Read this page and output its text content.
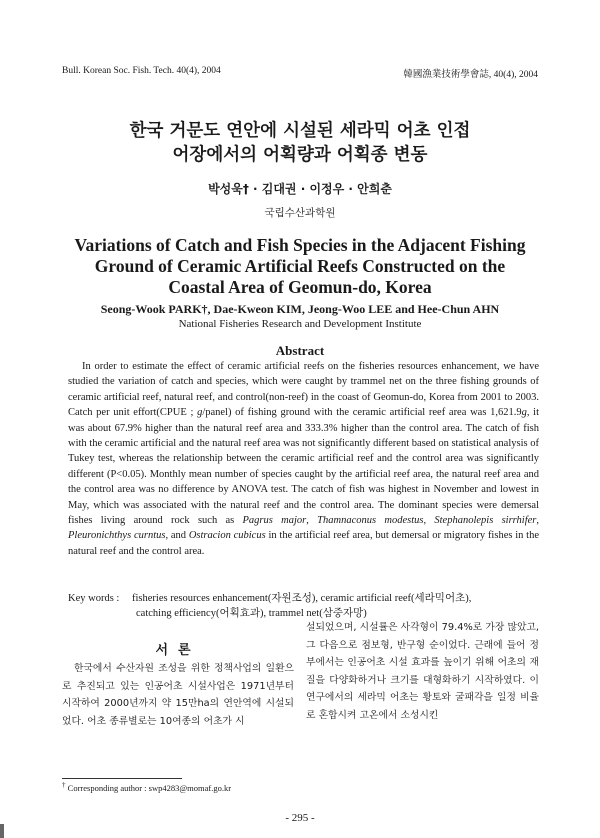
Bull. Korean Soc. Fish. Tech. 40(4), 2004	韓國漁業技術學會誌, 40(4), 2004
한국 거문도 연안에 시설된 세라믹 어초 인접
어장에서의 어획량과 어획종 변동
박성욱† · 김대권 · 이정우 · 안희춘
국립수산과학원
Variations of Catch and Fish Species in the Adjacent Fishing
Ground of Ceramic Artificial Reefs Constructed on the
Coastal Area of Geomun-do, Korea
Seong-Wook PARK†, Dae-Kweon KIM, Jeong-Woo LEE and Hee-Chun AHN
National Fisheries Research and Development Institute
Abstract

In order to estimate the effect of ceramic artificial reefs on the fisheries resources enhancement, we have studied the variation of catch and species, which were caught by trammel net on the three fishing grounds of ceramic artificial reef, natural reef, and control(non-reef) in the coast of Geomun-do, Korea from 2001 to 2003. Catch per unit effort(CPUE ; g/panel) of fishing ground with the ceramic artificial reef area was 1,621.9g, it was about 67.9% higher than the natural reef area and 333.3% higher than the control area. The catch of fish with the ceramic artificial and the natural reef area was not significantly different based on statistical analysis of Tukey test, whereas the relationship between the ceramic artificial reef and the control area was significantly different (P<0.05). Monthly mean number of species caught by the artificial reef area, the natural reef area and the control area was no difference by ANOVA test. The catch of fish was highest in November and lowest in May, which was associated with the natural reef and the control area. The dominant species were demersal fishes living around rock such as Pagrus major, Thamnaconus modestus, Stephanolepis sirrhifer, Pleuronichthys curntus, and Ostracion cubicus in the artificial reef area, but demersal or migratory fishes in the natural reef and the control area.

Key words : fisheries resources enhancement(자원조성), ceramic artificial reef(세라믹어초),
catching efficiency(어획효과), trammel net(삼중자망)
서론

한국에서 수산자원 조성을 위한 정책사업의 일환으로 추진되고 있는 인공어초 시설사업은 1971년부터 시작하여 2000년까지 약 15만ha의 연안역에 시설되었다. 어초 종류별로는 10여종의 어초가 시

설되었으며, 시설률은 사각형이 79.4%로 가장 많았고, 그 다음으로 점보형, 반구형 순이었다. 근래에 들어 정부에서는 인공어초 시설 효과를 높이기 위해 어초의 재질을 다양화하거나 크기를 대형화하기 시작하였다. 이 연구에서의 세라믹 어초는 황토와 굴패각을 일정 비율로 혼합시켜 고온에서 소성시킨

† Corresponding author : swp4283@momaf.go.kr
- 295 -
